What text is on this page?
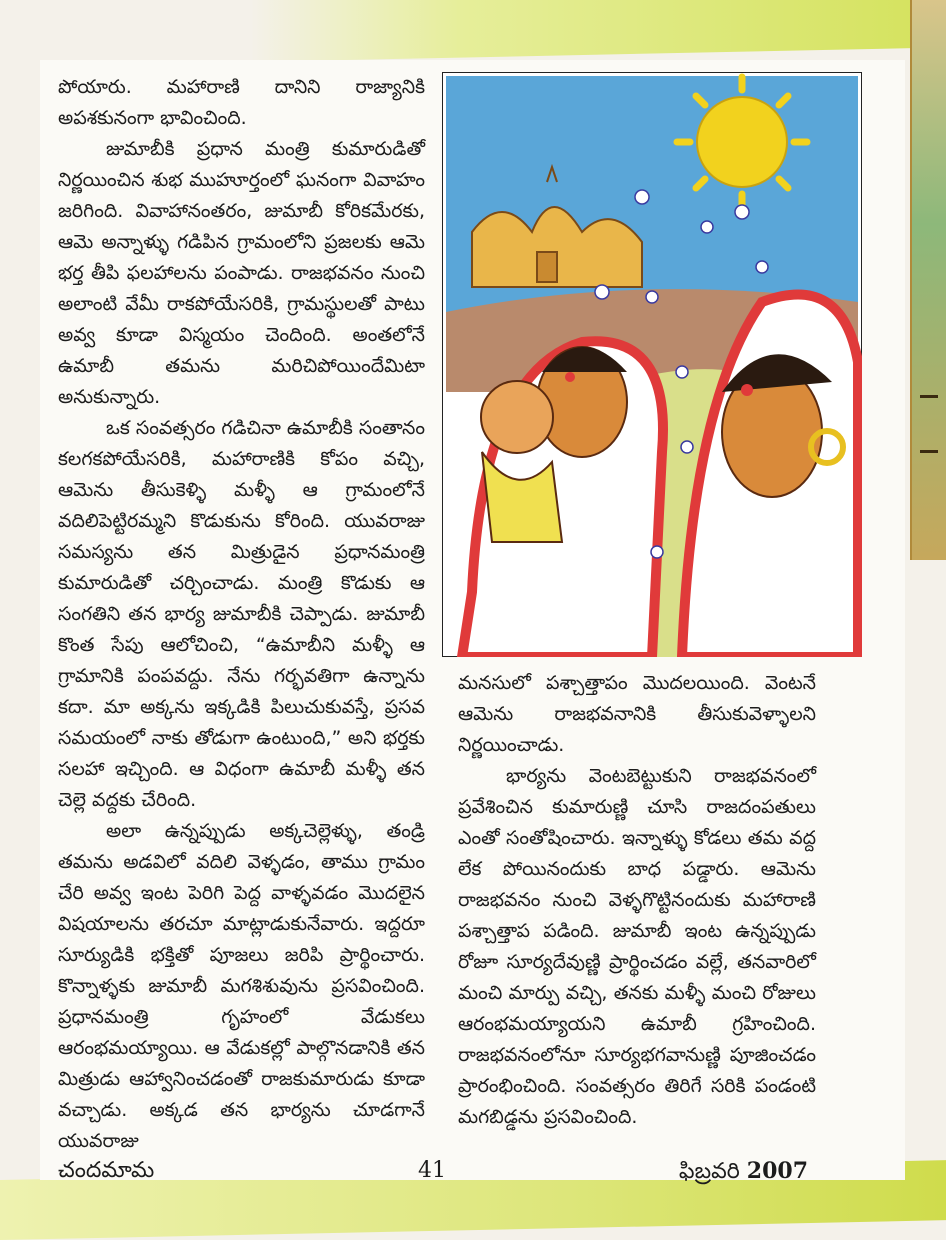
పోయారు. మహారాణి దానిని రాజ్యానికి అపశకునంగా భావించింది.

జుమాబీకి ప్రధాన మంత్రి కుమారుడితో నిర్ణయించిన శుభ ముహూర్తంలో ఘనంగా వివాహం జరిగింది. వివాహానంతరం, జుమాబీ కోరికమేరకు, ఆమె అన్నాళ్ళు గడిపిన గ్రామంలోని ప్రజలకు ఆమె భర్త తీపి ఫలహాలను పంపాడు. రాజభవనం నుంచి అలాంటి వేమీ రాకపోయేసరికి, గ్రామస్థులతో పాటు అవ్వ కూడా విస్మయం చెందింది. అంతలోనే ఉమాబీ తమను మరిచిపోయిందేమిటా అనుకున్నారు.

ఒక సంవత్సరం గడిచినా ఉమాబీకి సంతానం కలగకపోయేసరికి, మహారాణికి కోపం వచ్చి, ఆమెను తీసుకెళ్ళి మళ్ళీ ఆ గ్రామంలోనే వదిలిపెట్టిరమ్మని కొడుకును కోరింది. యువరాజు సమస్యను తన మిత్రుడైన ప్రధానమంత్రి కుమారుడితో చర్చించాడు. మంత్రి కొడుకు ఆ సంగతిని తన భార్య జుమాబీకి చెప్పాడు. జుమాబీ కొంత సేపు ఆలోచించి, “ఉమాబీని మళ్ళీ ఆ గ్రామానికి పంపవద్దు. నేను గర్భవతిగా ఉన్నాను కదా. మా అక్కను ఇక్కడికి పిలుచుకువస్తే, ప్రసవ సమయంలో నాకు తోడుగా ఉంటుంది,” అని భర్తకు సలహా ఇచ్చింది. ఆ విధంగా ఉమాబీ మళ్ళీ తన చెల్లె వద్దకు చేరింది.

అలా ఉన్నప్పుడు అక్కచెల్లెళ్ళు, తండ్రి తమను అడవిలో వదిలి వెళ్ళడం, తాము గ్రామం చేరి అవ్వ ఇంట పెరిగి పెద్ద వాళ్ళవడం మొదలైన విషయాలను తరచూ మాట్లాడుకునేవారు. ఇద్దరూ సూర్యుడికి భక్తితో పూజలు జరిపి ప్రార్థించారు. కొన్నాళ్ళకు జుమాబీ మగశిశువును ప్రసవించింది. ప్రధానమంత్రి గృహంలో వేడుకలు ఆరంభమయ్యాయి. ఆ వేడుకల్లో పాల్గొనడానికి తన మిత్రుడు ఆహ్వానించడంతో రాజకుమారుడు కూడా వచ్చాడు. అక్కడ తన భార్యను చూడగానే యువరాజు

మనసులో పశ్చాత్తాపం మొదలయింది. వెంటనే ఆమెను రాజభవనానికి తీసుకువెళ్ళాలని నిర్ణయించాడు.

భార్యను వెంటబెట్టుకుని రాజభవనంలో ప్రవేశించిన కుమారుణ్ణి చూసి రాజదంపతులు ఎంతో సంతోషించారు. ఇన్నాళ్ళు కోడలు తమ వద్ద లేక పోయినందుకు బాధ పడ్డారు. ఆమెను రాజభవనం నుంచి వెళ్ళగొట్టినందుకు మహారాణి పశ్చాత్తాప పడింది. జుమాబీ ఇంట ఉన్నప్పుడు రోజూ సూర్యదేవుణ్ణి ప్రార్థించడం వల్లే, తనవారిలో మంచి మార్పు వచ్చి, తనకు మళ్ళీ మంచి రోజులు ఆరంభమయ్యాయని ఉమాబీ గ్రహించింది. రాజభవనంలోనూ సూర్యభగవానుణ్ణి పూజించడం ప్రారంభించింది. సంవత్సరం తిరిగే సరికి పండంటి మగబిడ్డను ప్రసవించింది.

చందమామ	41	ఫిబ్రవరి 2007
